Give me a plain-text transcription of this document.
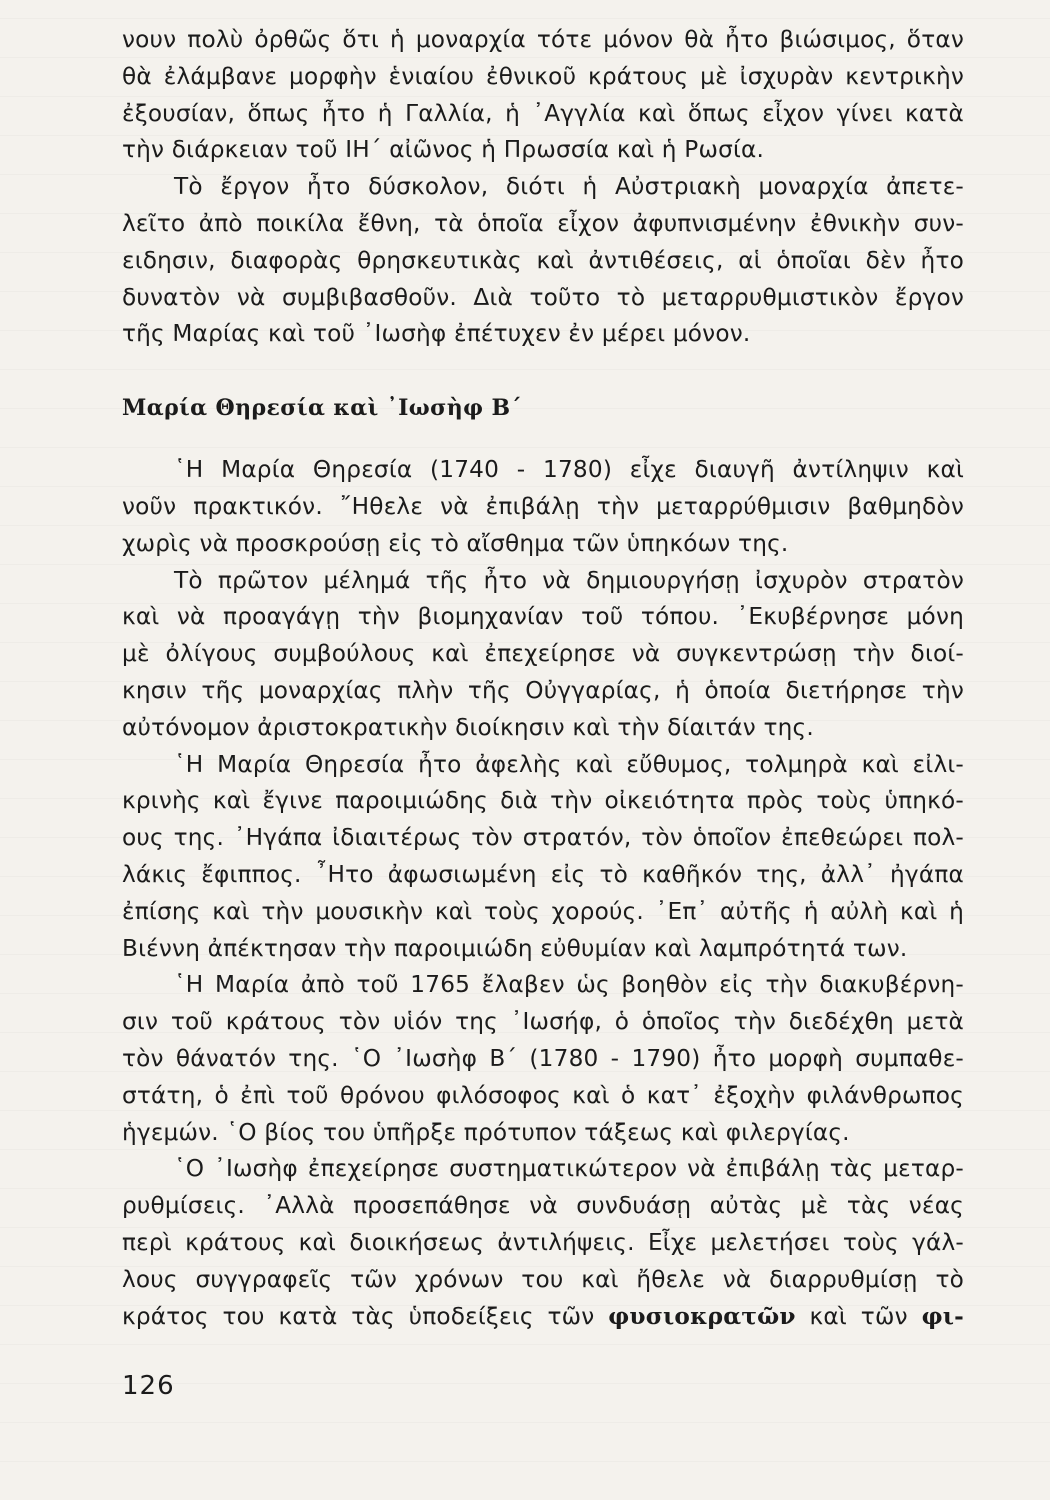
νουν πολὺ ὀρθῶς ὅτι ἡ μοναρχία τότε μόνον θὰ ἦτο βιώσιμος, ὅταν
θὰ ἐλάμβανε μορφὴν ἑνιαίου ἐθνικοῦ κράτους μὲ ἰσχυρὰν κεντρικὴν
ἐξουσίαν, ὅπως ἦτο ἡ Γαλλία, ἡ ᾿Αγγλία καὶ ὅπως εἶχον γίνει κατὰ
τὴν διάρκειαν τοῦ ΙΗ΄ αἰῶνος ἡ Πρωσσία καὶ ἡ Ρωσία.
Τὸ ἔργον ἦτο δύσκολον, διότι ἡ Αὐστριακὴ μοναρχία ἀπετε-
λεῖτο ἀπὸ ποικίλα ἔθνη, τὰ ὁποῖα εἶχον ἀφυπνισμένην ἐθνικὴν συν-
ειδησιν, διαφορὰς θρησκευτικὰς καὶ ἀντιθέσεις, αἱ ὁποῖαι δὲν ἦτο
δυνατὸν νὰ συμβιβασθοῦν. Διὰ τοῦτο τὸ μεταρρυθμιστικὸν ἔργον
τῆς Μαρίας καὶ τοῦ ᾿Ιωσὴφ ἐπέτυχεν ἐν μέρει μόνον.
Μαρία Θηρεσία καὶ ᾿Ιωσὴφ Β΄
῾Η Μαρία Θηρεσία (1740 - 1780) εἶχε διαυγῆ ἀντίληψιν καὶ
νοῦν πρακτικόν. ῎Ηθελε νὰ ἐπιβάλῃ τὴν μεταρρύθμισιν βαθμηδὸν
χωρὶς νὰ προσκρούσῃ εἰς τὸ αἴσθημα τῶν ὑπηκόων της.
Τὸ πρῶτον μέλημά τῆς ἦτο νὰ δημιουργήσῃ ἰσχυρὸν στρατὸν
καὶ νὰ προαγάγῃ τὴν βιομηχανίαν τοῦ τόπου. ᾿Εκυβέρνησε μόνη
μὲ ὀλίγους συμβούλους καὶ ἐπεχείρησε νὰ συγκεντρώσῃ τὴν διοί-
κησιν τῆς μοναρχίας πλὴν τῆς Οὐγγαρίας, ἡ ὁποία διετήρησε τὴν
αὐτόνομον ἀριστοκρατικὴν διοίκησιν καὶ τὴν δίαιτάν της.
῾Η Μαρία Θηρεσία ἦτο ἀφελὴς καὶ εὔθυμος, τολμηρὰ καὶ εἰλι-
κρινὴς καὶ ἔγινε παροιμιώδης διὰ τὴν οἰκειότητα πρὸς τοὺς ὑπηκό-
ους της. ᾿Ηγάπα ἰδιαιτέρως τὸν στρατόν, τὸν ὁποῖον ἐπεθεώρει πολ-
λάκις ἔφιππος. ῏Ητο ἀφωσιωμένη εἰς τὸ καθῆκόν της, ἀλλ᾿ ἠγάπα
ἐπίσης καὶ τὴν μουσικὴν καὶ τοὺς χορούς. ᾿Επ᾿ αὐτῆς ἡ αὐλὴ καὶ ἡ
Βιέννη ἀπέκτησαν τὴν παροιμιώδη εὐθυμίαν καὶ λαμπρότητά των.
῾Η Μαρία ἀπὸ τοῦ 1765 ἔλαβεν ὡς βοηθὸν εἰς τὴν διακυβέρνη-
σιν τοῦ κράτους τὸν υἱόν της ᾿Ιωσήφ, ὁ ὁποῖος τὴν διεδέχθη μετὰ
τὸν θάνατόν της. ῾Ο ᾿Ιωσὴφ Β΄ (1780 - 1790) ἦτο μορφὴ συμπαθε-
στάτη, ὁ ἐπὶ τοῦ θρόνου φιλόσοφος καὶ ὁ κατ᾿ ἐξοχὴν φιλάνθρωπος
ἡγεμών. ῾Ο βίος του ὑπῆρξε πρότυπον τάξεως καὶ φιλεργίας.
῾Ο ᾿Ιωσὴφ ἐπεχείρησε συστηματικώτερον νὰ ἐπιβάλῃ τὰς μεταρ-
ρυθμίσεις. ᾿Αλλὰ προσεπάθησε νὰ συνδυάσῃ αὐτὰς μὲ τὰς νέας
περὶ κράτους καὶ διοικήσεως ἀντιλήψεις. Εἶχε μελετήσει τοὺς γάλ-
λους συγγραφεῖς τῶν χρόνων του καὶ ἤθελε νὰ διαρρυθμίσῃ τὸ
κράτος του κατὰ τὰς ὑποδείξεις τῶν φυσιοκρατῶν καὶ τῶν φι-
126
